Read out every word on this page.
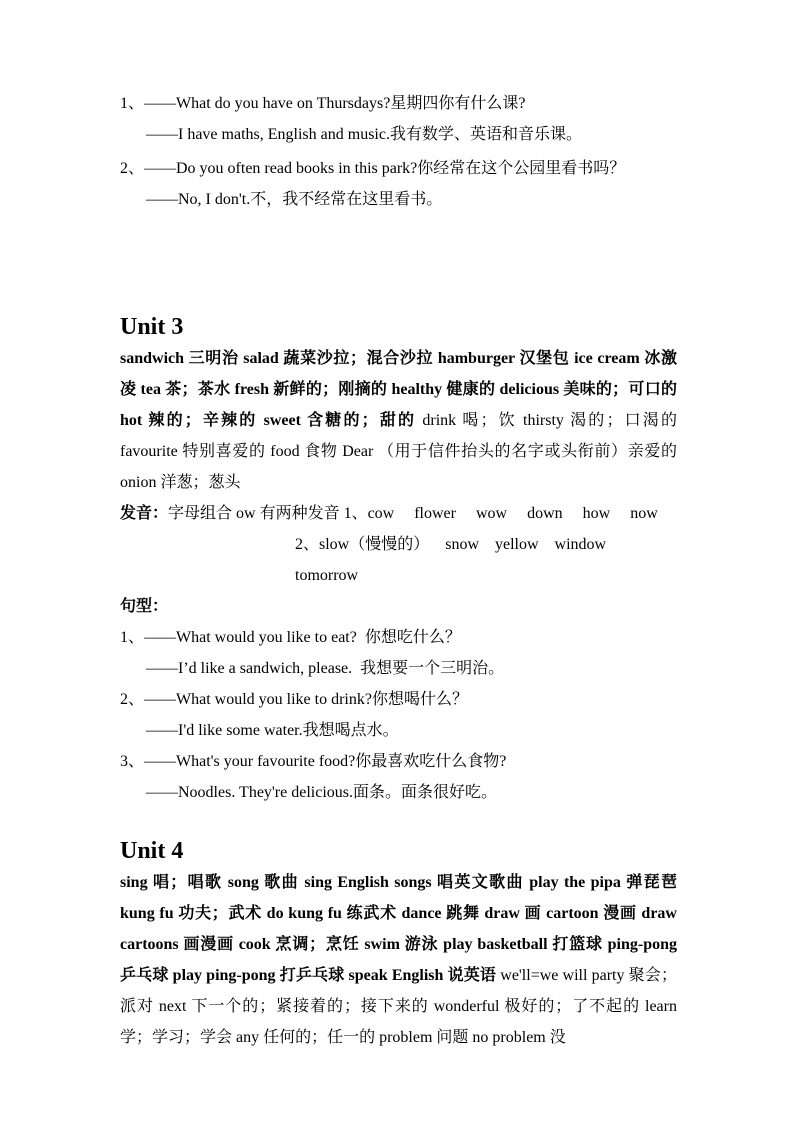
1、——What do you have on Thursdays?星期四你有什么课?
——I have maths, English and music.我有数学、英语和音乐课。
2、——Do you often read books in this park?你经常在这个公园里看书吗？
——No, I don't.不，我不经常在这里看书。
Unit 3

sandwich 三明治 salad 蔬菜沙拉；混合沙拉 hamburger 汉堡包 ice cream 冰激凌 tea 茶；茶水 fresh 新鲜的；刚摘的 healthy 健康的 delicious 美味的；可口的 hot 辣的；辛辣的 sweet 含糖的；甜的 drink 喝；饮 thirsty 渴的；口渴的 favourite 特别喜爱的 food 食物 Dear （用于信件抬头的名字或头衔前）亲爱的 onion 洋葱；葱头

发音：字母组合 ow 有两种发音 1、cow     flower     wow     down     how     now
2、slow（慢慢的）    snow    yellow    window    tomorrow
句型：
1、——What would you like to eat?  你想吃什么？
——I’d like a sandwich, please.  我想要一个三明治。
2、——What would you like to drink?你想喝什么？
——I'd like some water.我想喝点水。
3、——What's your favourite food?你最喜欢吃什么食物?
——Noodles. They're delicious.面条。面条很好吃。
Unit 4

sing 唱；唱歌 song 歌曲 sing English songs 唱英文歌曲 play the pipa 弹琵琶 kung fu 功夫；武术 do kung fu 练武术 dance 跳舞 draw 画 cartoon 漫画 draw cartoons 画漫画 cook 烹调；烹饪 swim 游泳 play basketball 打篮球 ping-pong 乒乓球 play ping-pong 打乒乓球 speak English 说英语 we'll=we will party 聚会；派对 next 下一个的；紧接着的；接下来的 wonderful 极好的；了不起的 learn 学；学习；学会 any 任何的；任一的 problem 问题 no problem 没
